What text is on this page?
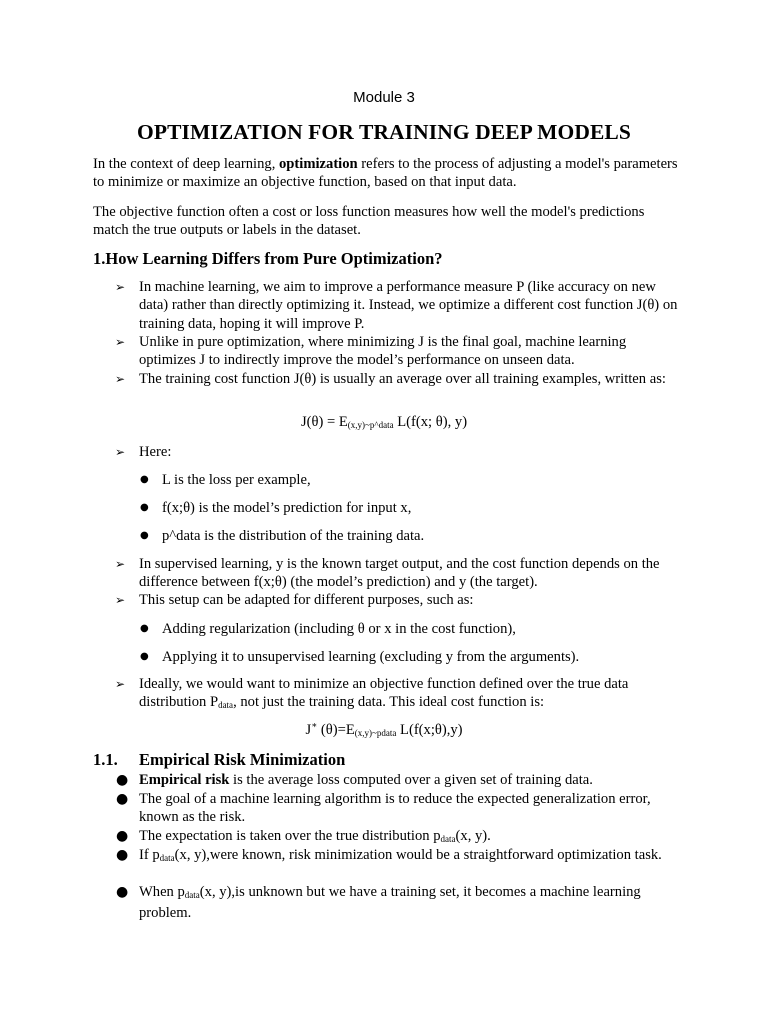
Module 3

OPTIMIZATION FOR TRAINING DEEP MODELS

In the context of deep learning, optimization refers to the process of adjusting a model's parameters to minimize or maximize an objective function, based on that input data.

The objective function often a cost or loss function measures how well the model's predictions match the true outputs or labels in the dataset.

1.How Learning Differs from Pure Optimization?
➢ In machine learning, we aim to improve a performance measure P (like accuracy on new data) rather than directly optimizing it. Instead, we optimize a different cost function J(θ) on training data, hoping it will improve P.
➢ Unlike in pure optimization, where minimizing J is the final goal, machine learning optimizes J to indirectly improve the model’s performance on unseen data.
➢ The training cost function J(θ) is usually an average over all training examples, written as:
$J(\theta) = E_{(x,y)\sim p\^{}data}$ L(f(x; θ), y)
➢ Here:
● L is the loss per example,
● f(x;θ) is the model’s prediction for input x,
● p^data is the distribution of the training data.
➢ In supervised learning, y is the known target output, and the cost function depends on the difference between f(x;θ) (the model’s prediction) and y (the target).
➢ This setup can be adapted for different purposes, such as:
● Adding regularization (including θ or x in the cost function),
● Applying it to unsupervised learning (excluding y from the arguments).
➢ Ideally, we would want to minimize an objective function defined over the true data distribution $P_{data}$, not just the training data. This ideal cost function is:
J∗ $(\theta)=E_{(x,y)\sim pdata}$ L(f(x;θ),y)
1.1. Empirical Risk Minimization
● Empirical risk is the average loss computed over a given set of training data.
● The goal of a machine learning algorithm is to reduce the expected generalization error, known as the risk.
● The expectation is taken over the true distribution $p_{data}(x$, y).
● If $p_{data}(x$, y),were known, risk minimization would be a straightforward optimization task.
● When $p_{data}(x$, y),is unknown but we have a training set, it becomes a machine learning problem.
